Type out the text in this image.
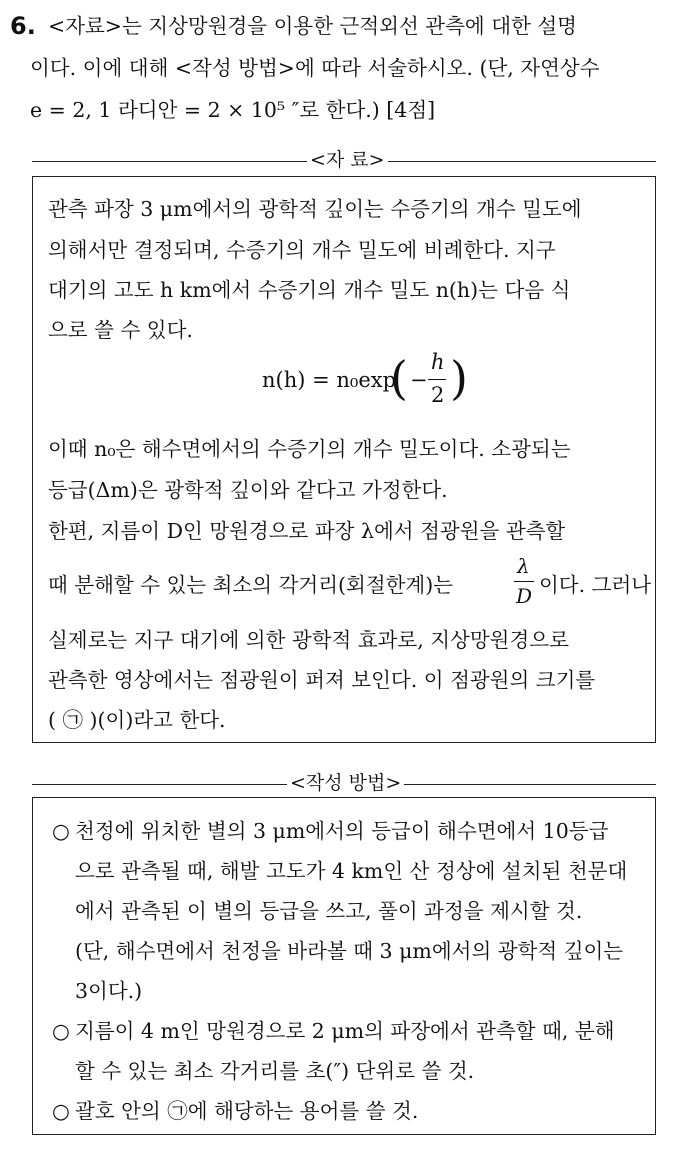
6. <자료>는 지상망원경을 이용한 근적외선 관측에 대한 설명
이다. 이에 대해 <작성 방법>에 따라 서술하시오. (단, 자연상수
e = 2, 1 라디안 = 2 × 10⁵ ″로 한다.) [4점]
<자 료>
관측 파장 3 μm에서의 광학적 깊이는 수증기의 개수 밀도에
의해서만 결정되며, 수증기의 개수 밀도에 비례한다. 지구
대기의 고도 h km에서 수증기의 개수 밀도 n(h)는 다음 식
으로 쓸 수 있다.
n(h) = n₀exp
( −
h
2 )
이때 n₀은 해수면에서의 수증기의 개수 밀도이다. 소광되는
등급(Δm)은 광학적 깊이와 같다고 가정한다.
한편, 지름이 D인 망원경으로 파장 λ에서 점광원을 관측할
때 분해할 수 있는 최소의 각거리(회절한계)는
λ
D 이다. 그러나
실제로는 지구 대기에 의한 광학적 효과로, 지상망원경으로
관측한 영상에서는 점광원이 퍼져 보인다. 이 점광원의 크기를
( ㉠ )(이)라고 한다.
<작성 방법>
○ 천정에 위치한 별의 3 μm에서의 등급이 해수면에서 10등급
으로 관측될 때, 해발 고도가 4 km인 산 정상에 설치된 천문대
에서 관측된 이 별의 등급을 쓰고, 풀이 과정을 제시할 것.
(단, 해수면에서 천정을 바라볼 때 3 μm에서의 광학적 깊이는
3이다.)
○ 지름이 4 m인 망원경으로 2 μm의 파장에서 관측할 때, 분해
할 수 있는 최소 각거리를 초(″) 단위로 쓸 것.
○ 괄호 안의 ㉠에 해당하는 용어를 쓸 것.
